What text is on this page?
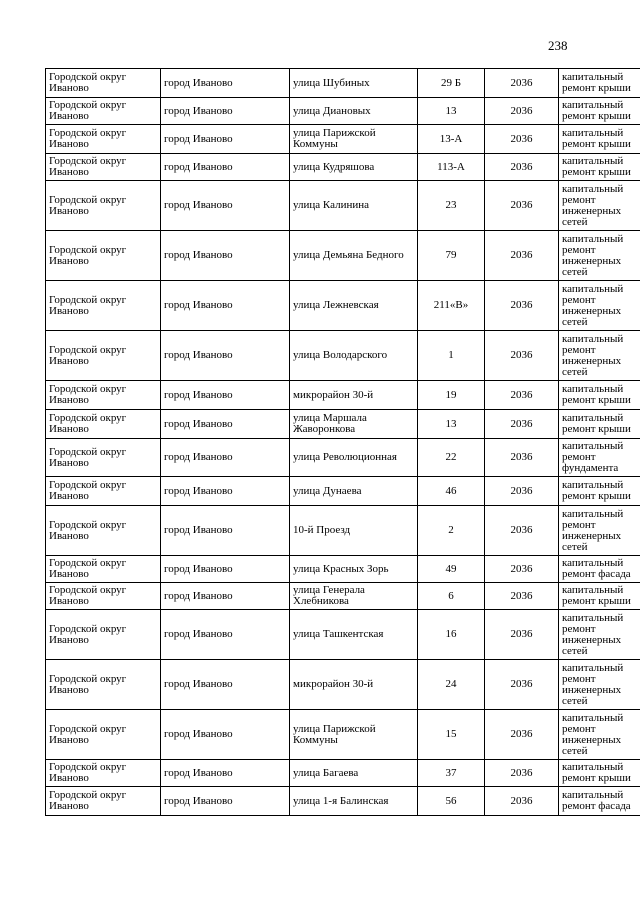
238
Городской округ Иваново	город Иваново	улица Шубиных	29 Б	2036	капитальный ремонт крыши
Городской округ Иваново	город Иваново	улица Диановых	13	2036	капитальный ремонт крыши
Городской округ Иваново	город Иваново	улица Парижской Коммуны	13-А	2036	капитальный ремонт крыши
Городской округ Иваново	город Иваново	улица Кудряшова	113-А	2036	капитальный ремонт крыши
Городской округ Иваново	город Иваново	улица Калинина	23	2036	капитальный ремонт инженерных сетей
Городской округ Иваново	город Иваново	улица Демьяна Бедного	79	2036	капитальный ремонт инженерных сетей
Городской округ Иваново	город Иваново	улица Лежневская	211«В»	2036	капитальный ремонт инженерных сетей
Городской округ Иваново	город Иваново	улица Володарского	1	2036	капитальный ремонт инженерных сетей
Городской округ Иваново	город Иваново	микрорайон 30-й	19	2036	капитальный ремонт крыши
Городской округ Иваново	город Иваново	улица Маршала Жаворонкова	13	2036	капитальный ремонт крыши
Городской округ Иваново	город Иваново	улица Революционная	22	2036	капитальный ремонт фундамента
Городской округ Иваново	город Иваново	улица Дунаева	46	2036	капитальный ремонт крыши
Городской округ Иваново	город Иваново	10-й Проезд	2	2036	капитальный ремонт инженерных сетей
Городской округ Иваново	город Иваново	улица Красных Зорь	49	2036	капитальный ремонт фасада
Городской округ Иваново	город Иваново	улица Генерала Хлебникова	6	2036	капитальный ремонт крыши
Городской округ Иваново	город Иваново	улица Ташкентская	16	2036	капитальный ремонт инженерных сетей
Городской округ Иваново	город Иваново	микрорайон 30-й	24	2036	капитальный ремонт инженерных сетей
Городской округ Иваново	город Иваново	улица Парижской Коммуны	15	2036	капитальный ремонт инженерных сетей
Городской округ Иваново	город Иваново	улица Багаева	37	2036	капитальный ремонт крыши
Городской округ Иваново	город Иваново	улица 1-я Балинская	56	2036	капитальный ремонт фасада
